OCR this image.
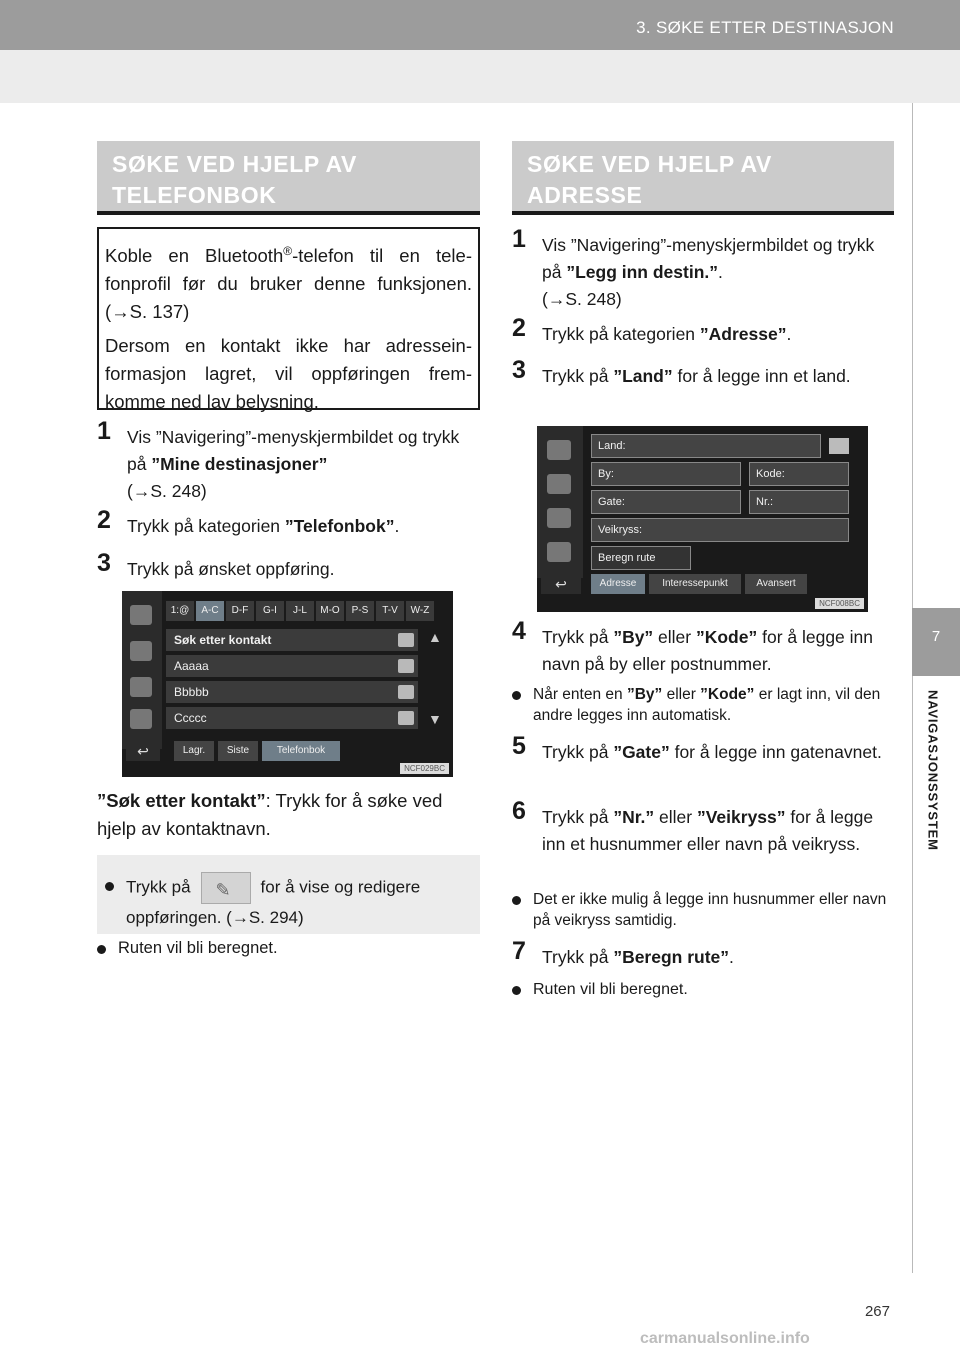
3. SØKE ETTER DESTINASJON
7
NAVIGASJONSSYSTEM
SØKE VED HJELP AV TELEFONBOK

Koble en Bluetooth®-telefon til en telefonprofil før du bruker denne funksjonen. (→S. 137)

Dersom en kontakt ikke har adresseinformasjon lagret, vil oppføringen fremkomme ned lav belysning.

1 Vis ”Navigering”-menyskjermbildet og trykk på ”Mine destinasjoner”
(→S. 248)
2 Trykk på kategorien ”Telefonbok”.
3 Trykk på ønsket oppføring.
1:@	A-C	D-F	G-I	J-L	M-O	P-S	T-V	W-Z
Søk etter kontakt
Aaaaa
Bbbbb
Ccccc
▲
▼
↩	Lagr.	Siste	Telefonbok
NCF029BC
”Søk etter kontakt”: Trykk for å søke ved hjelp av kontaktnavn.
Trykk på✎	for å vise og redigere oppføringen. (→S. 294)
Ruten vil bli beregnet.
SØKE VED HJELP AV ADRESSE
1 Vis ”Navigering”-menyskjermbildet og trykk på ”Legg inn destin.”.
(→S. 248)
2 Trykk på kategorien ”Adresse”.
3 Trykk på ”Land” for å legge inn et land.
Land:
By:	Kode:
Gate:	Nr.:
Veikryss:
Beregn rute
↩	Adresse	Interessepunkt	Avansert
NCF008BC
4 Trykk på ”By” eller ”Kode” for å legge inn navn på by eller postnummer.
Når enten en ”By” eller ”Kode” er lagt inn, vil den andre legges inn automatisk.
5 Trykk på ”Gate” for å legge inn gatenavnet.
6 Trykk på ”Nr.” eller ”Veikryss” for å legge inn et husnummer eller navn på veikryss.
Det er ikke mulig å legge inn husnummer eller navn på veikryss samtidig.
7 Trykk på ”Beregn rute”.
Ruten vil bli beregnet.
267
carmanualsonline.info
